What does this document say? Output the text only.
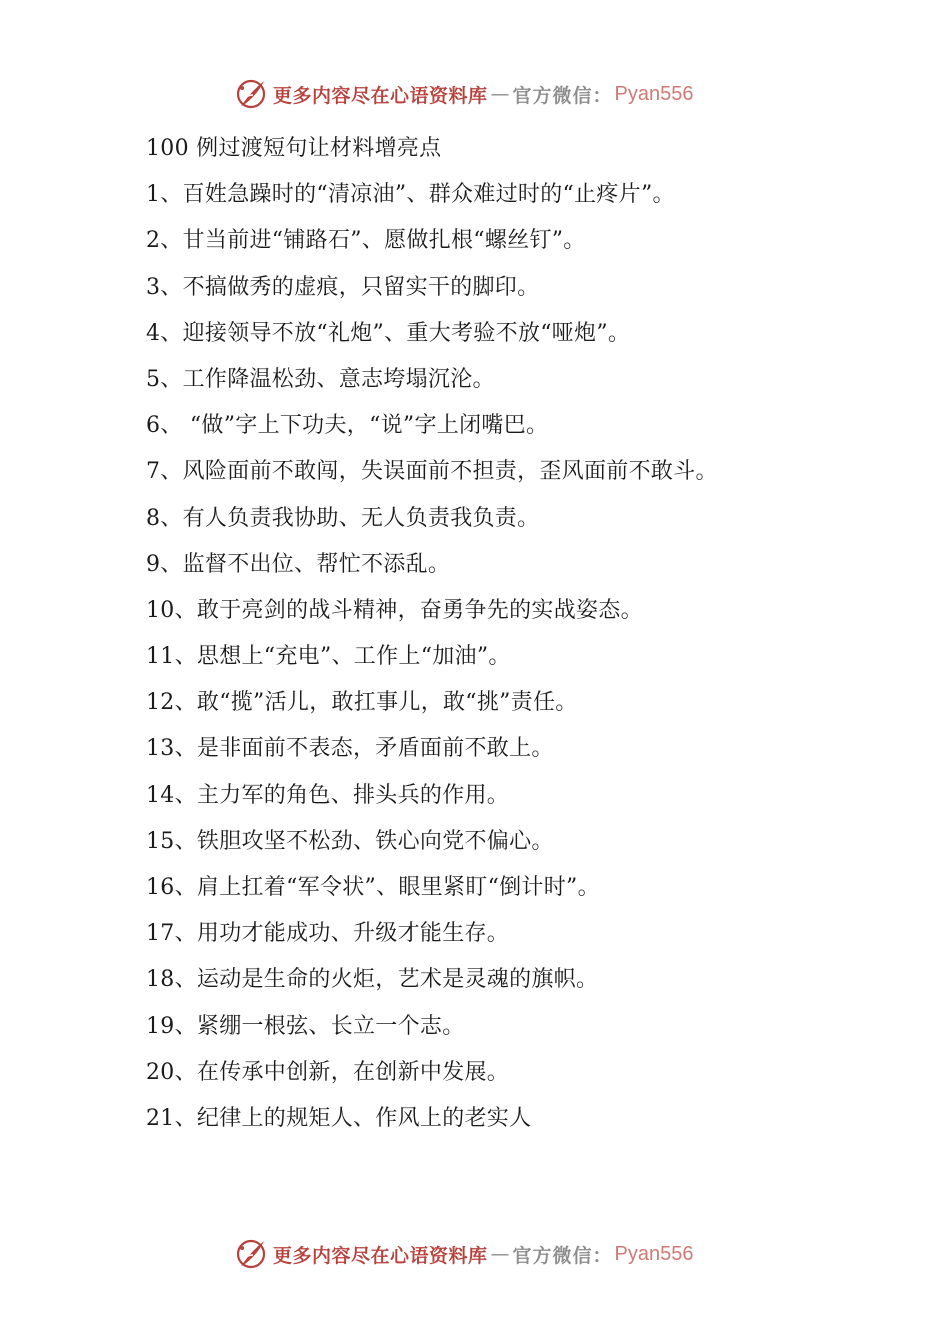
更多内容尽在心语资料库 — 官方微信： Pyan556
100 例过渡短句让材料增亮点
1、百姓急躁时的“清凉油”、群众难过时的“止疼片”。
2、甘当前进“铺路石”、愿做扎根“螺丝钉”。
3、不搞做秀的虚痕，只留实干的脚印。
4、迎接领导不放“礼炮”、重大考验不放“哑炮”。
5、工作降温松劲、意志垮塌沉沦。
6、 “做”字上下功夫，“说”字上闭嘴巴。
7、风险面前不敢闯，失误面前不担责，歪风面前不敢斗。
8、有人负责我协助、无人负责我负责。
9、监督不出位、帮忙不添乱。
10、敢于亮剑的战斗精神，奋勇争先的实战姿态。
11、思想上“充电”、工作上“加油”。
12、敢“揽”活儿，敢扛事儿，敢“挑”责任。
13、是非面前不表态，矛盾面前不敢上。
14、主力军的角色、排头兵的作用。
15、铁胆攻坚不松劲、铁心向党不偏心。
16、肩上扛着“军令状”、眼里紧盯“倒计时”。
17、用功才能成功、升级才能生存。
18、运动是生命的火炬，艺术是灵魂的旗帜。
19、紧绷一根弦、长立一个志。
20、在传承中创新，在创新中发展。
21、纪律上的规矩人、作风上的老实人
更多内容尽在心语资料库 — 官方微信： Pyan556
